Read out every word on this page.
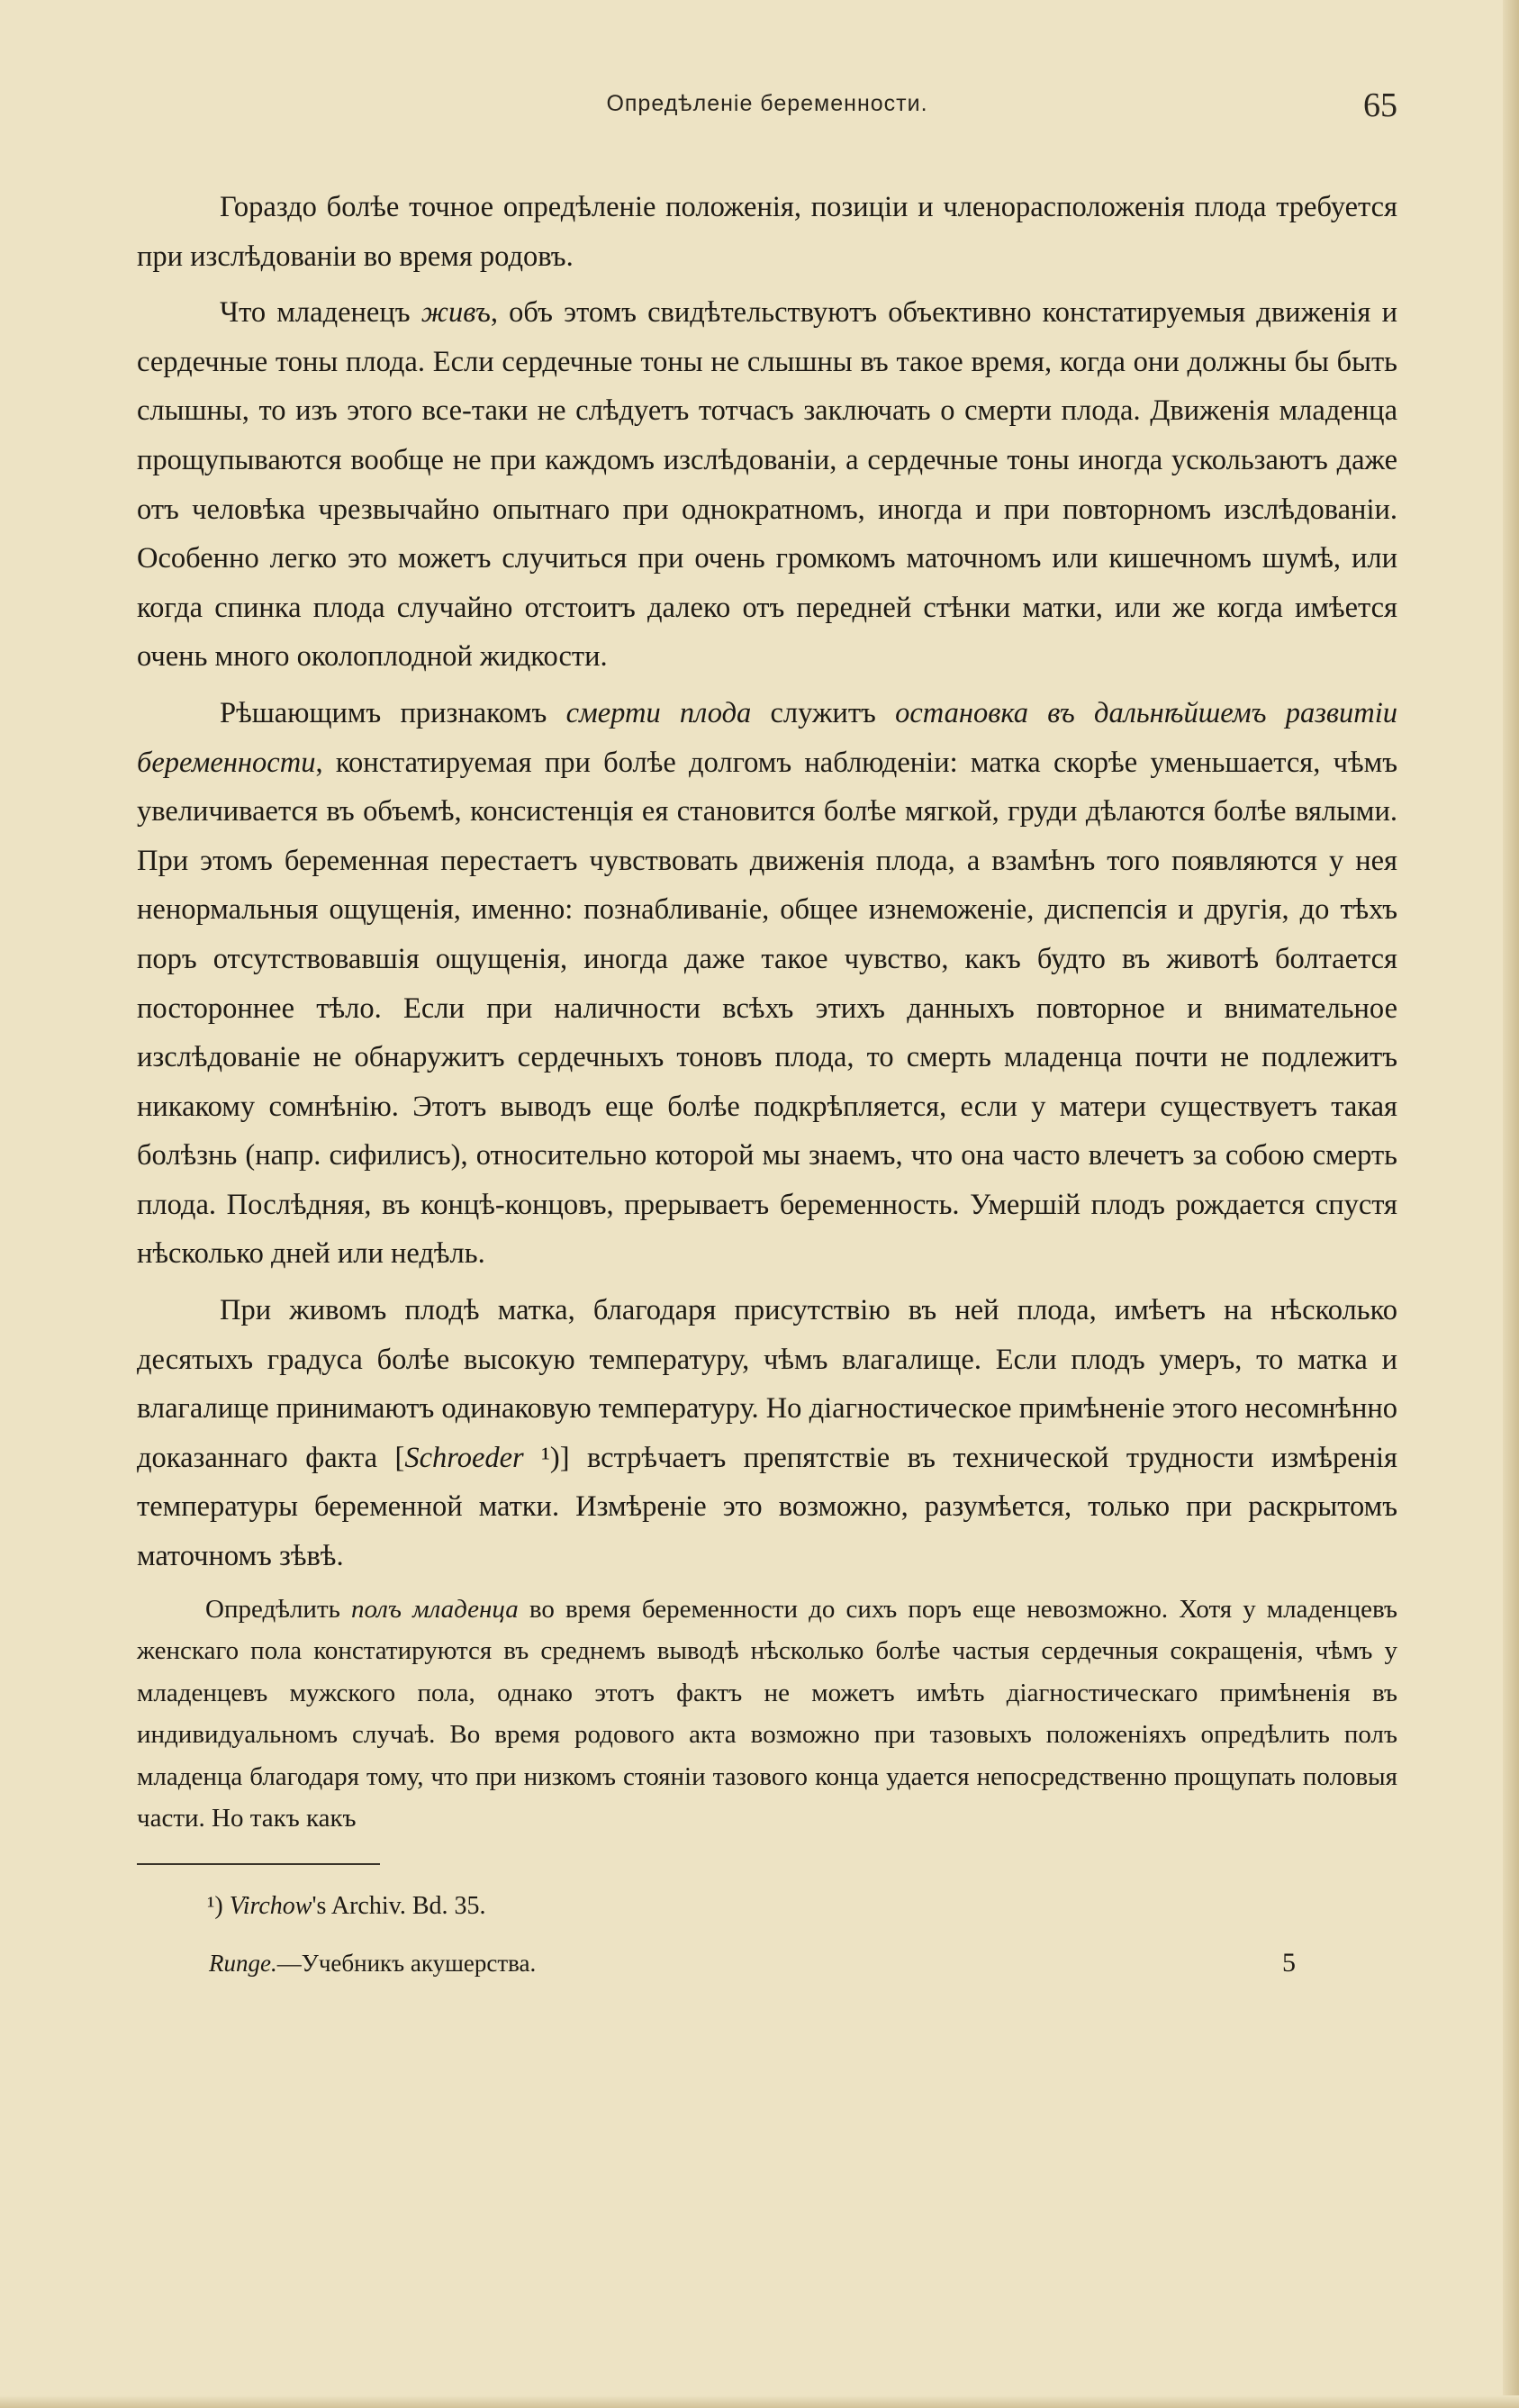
Опредѣленіе беременности.	65

Гораздо болѣе точное опредѣленіе положенія, позиціи и членорасположенія плода требуется при изслѣдованіи во время родовъ.

Что младенецъ живъ, объ этомъ свидѣтельствуютъ объективно констатируемыя движенія и сердечные тоны плода. Если сердечные тоны не слышны въ такое время, когда они должны бы быть слышны, то изъ этого все-таки не слѣдуетъ тотчасъ заключать о смерти плода. Движенія младенца прощупываются вообще не при каждомъ изслѣдованіи, а сердечные тоны иногда ускользаютъ даже отъ человѣка чрезвычайно опытнаго при однократномъ, иногда и при повторномъ изслѣдованіи. Особенно легко это можетъ случиться при очень громкомъ маточномъ или кишечномъ шумѣ, или когда спинка плода случайно отстоитъ далеко отъ передней стѣнки матки, или же когда имѣется очень много околоплодной жидкости.

Рѣшающимъ признакомъ смерти плода служитъ остановка въ дальнѣйшемъ развитіи беременности, констатируемая при болѣе долгомъ наблюденіи: матка скорѣе уменьшается, чѣмъ увеличивается въ объемѣ, консистенція ея становится болѣе мягкой, груди дѣлаются болѣе вялыми. При этомъ беременная перестаетъ чувствовать движенія плода, а взамѣнъ того появляются у нея ненормальныя ощущенія, именно: познабливаніе, общее изнеможеніе, диспепсія и другія, до тѣхъ поръ отсутствовавшія ощущенія, иногда даже такое чувство, какъ будто въ животѣ болтается постороннее тѣло. Если при наличности всѣхъ этихъ данныхъ повторное и внимательное изслѣдованіе не обнаружитъ сердечныхъ тоновъ плода, то смерть младенца почти не подлежитъ никакому сомнѣнію. Этотъ выводъ еще болѣе подкрѣпляется, если у матери существуетъ такая болѣзнь (напр. сифилисъ), относительно которой мы знаемъ, что она часто влечетъ за собою смерть плода. Послѣдняя, въ концѣ-концовъ, прерываетъ беременность. Умершій плодъ рождается спустя нѣсколько дней или недѣль.

При живомъ плодѣ матка, благодаря присутствію въ ней плода, имѣетъ на нѣсколько десятыхъ градуса болѣе высокую температуру, чѣмъ влагалище. Если плодъ умеръ, то матка и влагалище принимаютъ одинаковую температуру. Но діагностическое примѣненіе этого несомнѣнно доказаннаго факта [Schroeder ¹)] встрѣчаетъ препятствіе въ технической трудности измѣренія температуры беременной матки. Измѣреніе это возможно, разумѣется, только при раскрытомъ маточномъ зѣвѣ.

Опредѣлить полъ младенца во время беременности до сихъ поръ еще невозможно. Хотя у младенцевъ женскаго пола констатируются въ среднемъ выводѣ нѣсколько болѣе частыя сердечныя сокращенія, чѣмъ у младенцевъ мужского пола, однако этотъ фактъ не можетъ имѣть діагностическаго примѣненія въ индивидуальномъ случаѣ. Во время родового акта возможно при тазовыхъ положеніяхъ опредѣлить полъ младенца благодаря тому, что при низкомъ стояніи тазового конца удается непосредственно прощупать половыя части. Но такъ какъ

¹) Virchow's Archiv. Bd. 35.
Runge.—Учебникъ акушерства.	5
